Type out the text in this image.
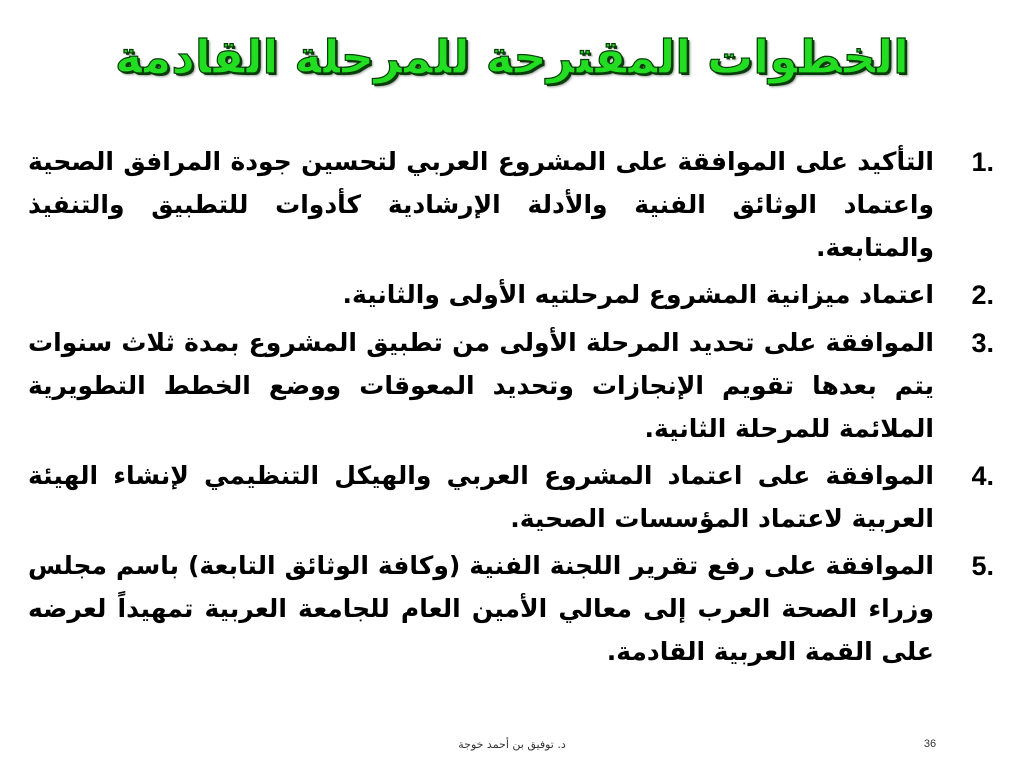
الخطوات المقترحة للمرحلة القادمة
1.
التأكيد على الموافقة على المشروع العربي لتحسين جودة المرافق الصحية واعتماد الوثائق الفنية والأدلة الإرشادية كأدوات للتطبيق والتنفيذ والمتابعة.
2.
اعتماد ميزانية المشروع لمرحلتيه الأولى والثانية.
3.
الموافقة على تحديد المرحلة الأولى من تطبيق المشروع بمدة ثلاث سنوات يتم بعدها تقويم الإنجازات وتحديد المعوقات ووضع الخطط التطويرية الملائمة للمرحلة الثانية.
4.
الموافقة على اعتماد المشروع العربي والهيكل التنظيمي لإنشاء الهيئة العربية لاعتماد المؤسسات الصحية.
5.
الموافقة على رفع تقرير اللجنة الفنية (وكافة الوثائق التابعة) باسم مجلس وزراء الصحة العرب إلى معالي الأمين العام للجامعة العربية تمهيداً لعرضه على القمة العربية القادمة.
د. توفيق بن أحمد خوجة	36
